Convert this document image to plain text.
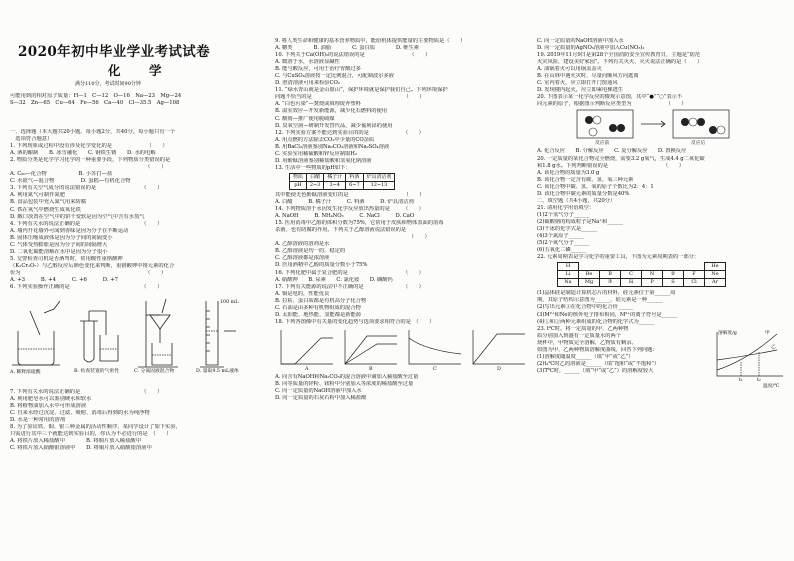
2020年初中毕业学业考试试卷
化　学
满分110分，考试时间90分钟
可能用到的相对原子质量：H—1　C—12　O—16　Na—23　Mg—24
S—32　Zn—65　Cu—64　Fe—56　Ca—40　Cl—35.5　Ag—108
一、选择题（本大题共20小题，每小题2分，共40分。每小题只有一个
　选项符合题意）
1. 下列现象或过程中没有涉及化学变化的是　　　　　　　（　　）
A. 酒的酿制　　B. 冰雪融化　　C. 钢铁生锈　　D. 水的电解
2. 物质分类是化学学习化学的一种重要手段，下列物质分类错误的是
　　　　　　　　　　　　　　　　　　　　　　　　　　（　　）
A. C₆₀—化合物　　　　　　B. 小苏打—盐
C. 水银气—混合物　　　　　D. 蛋糕—有机化合物
3. 下列有关空气成分的说法错误的是　　　　　　　　　（　　）
A. 利用氮气可制作氮肥
B. 食品包装中充入氮气用来防腐
C. 铁在氧气中燃烧生成氧化铁
D. 敞口放置在空气中的饼干变软是因为空气中含有水蒸气
4. 下列有关水的说法正确的是　　　　　　　　　　　　（　　）
A. 墙内开花墙外可闻到香味是因为分子在不断运动
B. 固体压缩成液体是因为分子间的间隔变小
C. 气体受热膨胀是因为分子间的间隔增大
D. 二氧化碳能溶解在水中是因为分子很小
5. 交警检查司机是否酒驾时，常用酸性重铬酸钾
（K₂Cr₂O₇）与乙醇反应后颜色变化来判断，重铬酸钾中铬元素的化合
价为　　　　　　　　　　　　　　　　　　　　　　　　（　　）
A. +3　　　B. +4　　　C. +6　　　D. +7
6. 下列实验操作正确的是　　　　　　　　　　　　　　（　　）
100 mL
A. 稀释浓硫酸	B. 检查装置的气密性	C. 分离固液混合物	D. 量取9.5 mL液体
7. 下列有关水的说法正确的是　　　　　　　　　　　　（　　）
A. 利用肥皂水可以鉴别硬水和软水
B. 将植物油加入水中可形成溶液
C. 自来水经过沉淀、过滤、吸附、消毒后得到的水为纯净物
D. 水是一种常用的溶剂
8. 为了验证铁、铜、银三种金属的活动性顺序，某同学设计了如下实验，
只需进行其中三个就能达到实验目的，你认为不必进行的是　（　　）
A. 将铁片放入稀盐酸中　　　　B. 将铜片放入稀盐酸中
C. 将铁片放入硝酸银溶液中　　D. 将铜片放入硝酸银溶液中
9. 将人类生命和健康的基本营养物质中，能给机体提供能量的主要物质是（　　）
A. 糖类　　　　B. 油脂　　　　C. 蛋白质　　　　D. 维生素
10. 下列关于Ca(OH)₂的说法错误的是　　　　　　　　　（　　）
A. 微溶于水，水溶液显碱性
B. 能与酸反应，可用于治疗胃酸过多
C. 与CuSO₄溶液按一定比例混合，可配制波尔多液
D. 澄清溶液可用来检验CO₂
11. “绿水青山就是金山银山”，保护环境就是保护我们自己。下列环境保护
问题不恰当的是　　　　　　　　　　　　　　　　　　（　　）
A. “白色污染”—焚烧或填埋废弃塑料
B. 温室效应—开发新能源，减少化石燃料的使用
C. 酸雨—推广使用脱硫煤
D. 臭氧空洞—研制开发替代品，减少氟利昂的使用
12. 下列实验方案不能达到实验目的的是　　　　　　　（　　）
A. 用点燃的方法除去CO₂中少量的CO杂质
B. 用BaCl₂溶液鉴别Na₂CO₃溶液和Na₂SO₄溶液
C. 实验室用稀硫酸和锌反应制取H₂
D. 用酚酞溶液鉴别稀盐酸和氢氧化钠溶液
13. 生活中一些物质的pH如下：
物质	白醋	橘子汁	料酒	炉具清洁剂
pH	2~3	3~4	6~7	12~13
其中能使无色酚酞溶液变红的是　　　　　　　　　　　（　　）
A. 白醋　　　B. 橘子汁　　　C. 料酒　　　D. 炉具清洁剂
14. 下列物质溶于水因发生化学反应放出热量的是　　　（　　）
A. NaOH　　　B. NH₄NO₃　　　C. NaCl　　　D. CaO
15. 医用消毒中乙醇的体积分数为75%，它常用于皮肤和物体表面的消毒
杀菌，也有防腐的作用。下列关于乙醇溶液说法错误的是
　　　　　　　　　　　　　　　　　　　　　　　　　　（　　）
A. 乙醇溶液的溶剂是水
B. 乙醇溶液是均一的、稳定的
C. 乙醇溶液都是浓溶液
D. 医用酒精中乙醇的质量分数小于75%
16. 下列化肥中属于复合肥的是　　　　　　　　　　　（　　）
A. 硝酸钾　　B. 尿素　　C. 氯化铵　　D. 磷酸钙
17. 下列有关能源的说法中不正确的是　　　　　　　　（　　）
A. 铜是电的，性能优良
B. 拉枯、蛋白质都是有机高分子化合物
C. 石油是由多种有机物组成的混合物
D. 太阳能、地热能、氢能都是新能源
18. 下列各图像中有关量的变化趋势与选项要求相符合的是　（　　）
A	B	C	D
A. 向含有NaOH和Na₂CO₃的混合溶液中滴加入稀盐酸至过量
B. 向等质量的锌粉、镁粉中分别加入等浓度的稀盐酸至过量
C. 向一定质量的NaOH溶液中加入水
D. 向一定质量的石灰石粉中加入稀盐酸
C. 向一定质量的NaOH溶液中加入水
D. 向一定质量的AgNO₃溶液中加入Cu(NO₃)₂
19. 2019年11月9日是第28个全国消防安全宣传教育日，主题是“防范
火灾风险，建设美好家园”。下列有关灭火、灭火说法正确的是（　　）
A. 油锅着火可以用锅盖盖灭
B. 在山林中遇火灾时，尽量向顺风方向逃离
C. 室内着火，应立即打开门窗通风
D. 发现楼内起火，应立即乘电梯逃生
20. 下图表示某一化学反应的微观示意图，其中“●”“○”表示不
同元素的原子，根据图示判断反应类型为　　　　　　　（　　）
反应前	反应后
A. 化合反应　　B. 分解反应　　C. 复分解反应　　D. 置换反应
20. 一定质量的某化合物完全燃烧，需要3.2 g氧气，生成4.4 g二氧化碳
和1.8 g水。下列判断错误的是　　　　　　　　　　　（　　）
A. 该化合物的质量为3.0 g
B. 该化合物一定含有碳、氢、氧三种元素
C. 该化合物中碳、氢、氧的原子个数比为2：4：1
D. 该化合物中碳元素的质量分数是40%
二、填空题（共4小题，共20分）
21. 请用化学用语填空：
(1)2个氢气分子______
(2)碳酸钠的构成粒子是Na⁺和______
(3)干冰的化学式是______
(4)3个氮原子______
(5)2个氧气分子______
(6)五氧化二磷______
22. 元素周期表是学习化学的重要工具，下图为元素周期表的一部分：
H							He
Li	Be	B	C	N	②	F	Ne
Na	Mg	③	Si	P	S	Cl	Ar
(1)晶体硅是制造计算机芯片的材料，硅元素位于第______周
期，其原子结构示意图为______，硅元素是一种______
(2)写出元素③在化合物中的化合价______
(3)M²⁺和Ne的核外电子排布相同，M²⁺的离子符号是______
(4)①和②两种元素组成的化合物的化学式为______
23. t℃时，将一定质量的甲、乙两种物
质分别加入到盛有一定质量水的两个
烧杯中，甲物质完全溶解，乙物质有剩余。
如图为甲、乙两种物质溶解度曲线，回答下列问题：
(1)溶解度随温度______（填“甲”或“乙”）
(2)t₁℃时乙的溶液是______（填“饱和”或“不饱和”）
(3)T℃时，______（填“甲”或“乙”）的溶解度较大
溶解度/g	甲
乙
t₁	t₂
温度/℃
